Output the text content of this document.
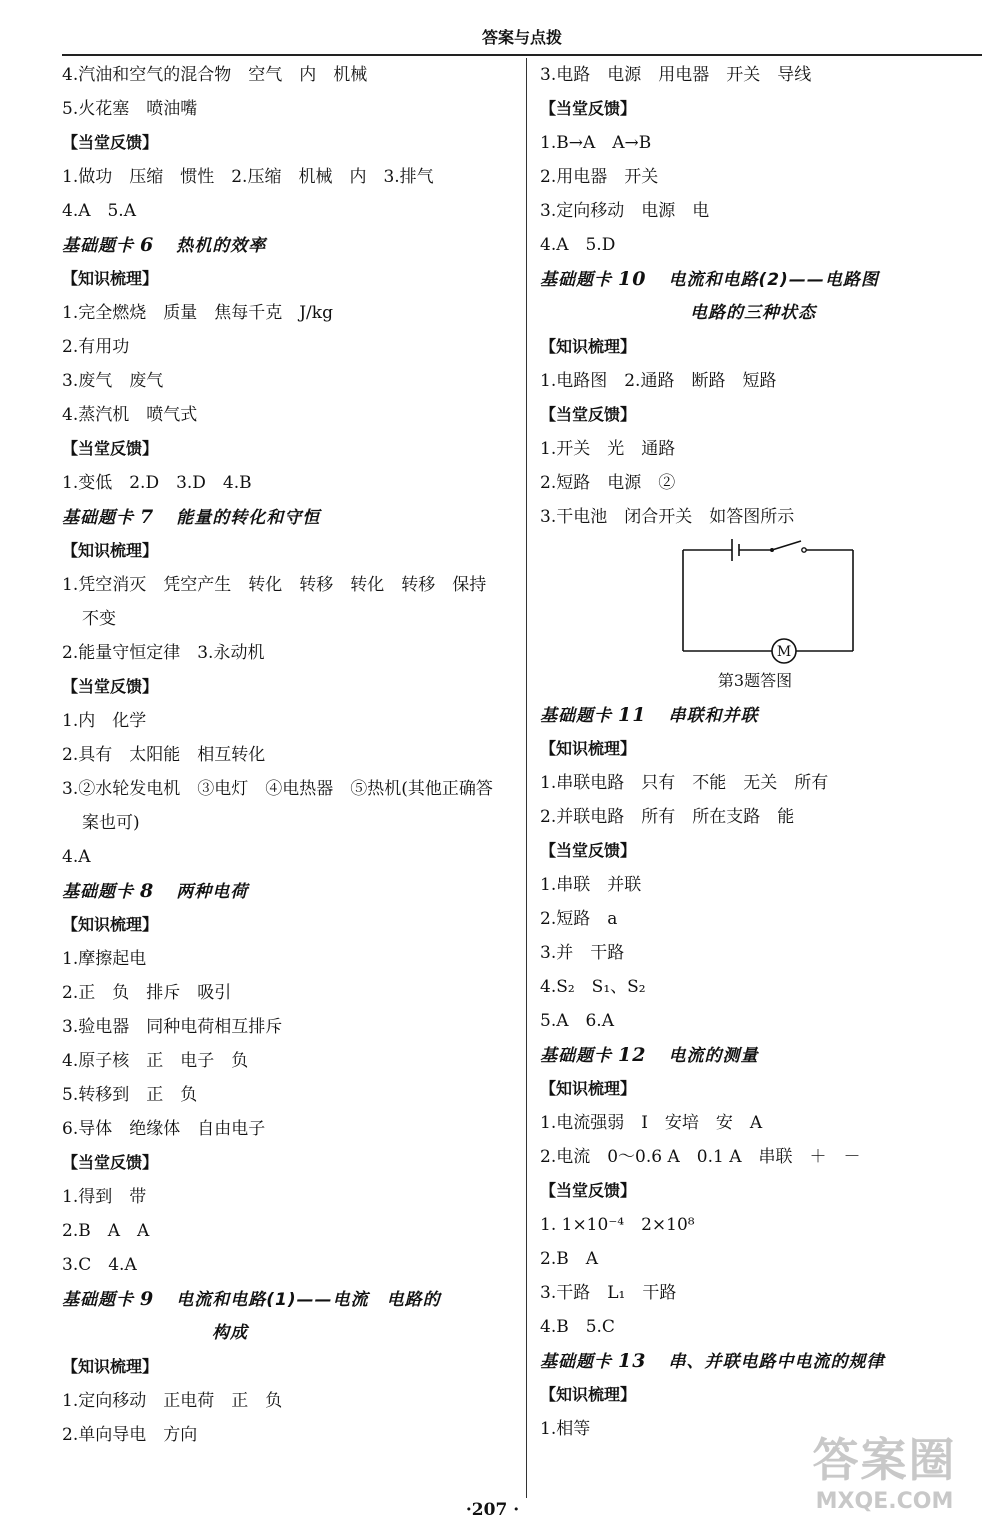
答案与点拨
4.汽油和空气的混合物　空气　内　机械
5.火花塞　喷油嘴
【当堂反馈】
1.做功　压缩　惯性　2.压缩　机械　内　3.排气
4.A　5.A
基础题卡 6 热机的效率
【知识梳理】
1.完全燃烧　质量　焦每千克　J/kg
2.有用功
3.废气　废气
4.蒸汽机　喷气式
【当堂反馈】
1.变低　2.D　3.D　4.B
基础题卡 7 能量的转化和守恒
【知识梳理】
1.凭空消灭　凭空产生　转化　转移　转化　转移　保持
不变
2.能量守恒定律　3.永动机
【当堂反馈】
1.内　化学
2.具有　太阳能　相互转化
3.②水轮发电机　③电灯　④电热器　⑤热机(其他正确答
案也可)
4.A
基础题卡 8 两种电荷
【知识梳理】
1.摩擦起电
2.正　负　排斥　吸引
3.验电器　同种电荷相互排斥
4.原子核　正　电子　负
5.转移到　正　负
6.导体　绝缘体　自由电子
【当堂反馈】
1.得到　带
2.B　A　A
3.C　4.A
基础题卡 9 电流和电路(1)——电流　电路的
构成
【知识梳理】
1.定向移动　正电荷　正　负
2.单向导电　方向
3.电路　电源　用电器　开关　导线
【当堂反馈】
1.B→A　A→B
2.用电器　开关
3.定向移动　电源　电
4.A　5.D
基础题卡 10 电流和电路(2)——电路图
电路的三种状态
【知识梳理】
1.电路图　2.通路　断路　短路
【当堂反馈】
1.开关　光　通路
2.短路　电源　②
3.干电池　闭合开关　如答图所示
M
第3题答图
基础题卡 11 串联和并联
【知识梳理】
1.串联电路　只有　不能　无关　所有
2.并联电路　所有　所在支路　能
【当堂反馈】
1.串联　并联
2.短路　a
3.并　干路
4.S₂　S₁、S₂
5.A　6.A
基础题卡 12 电流的测量
【知识梳理】
1.电流强弱　I　安培　安　A
2.电流　0～0.6 A　0.1 A　串联　＋　－
【当堂反馈】
1. 1×10⁻⁴　2×10⁸
2.B　A
3.干路　L₁　干路
4.B　5.C
基础题卡 13 串、并联电路中电流的规律
【知识梳理】
1.相等
答案圈
MXQE.COM
·207 ·
